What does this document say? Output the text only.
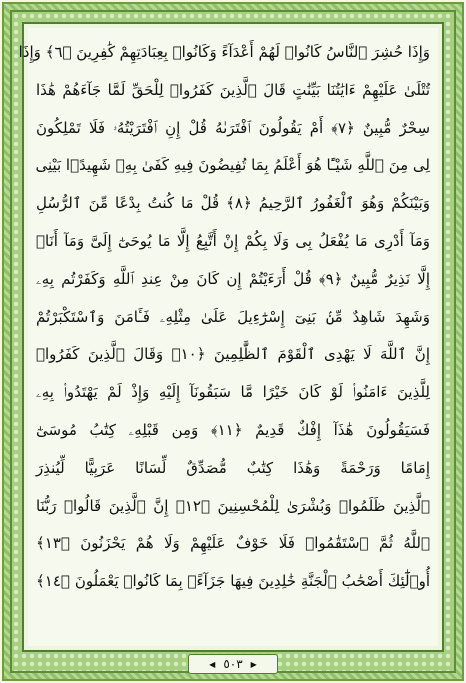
وَإِذَا حُشِرَ ٱلنَّاسُ كَانُوا۟ لَهُمْ أَعْدَآءً وَكَانُوا۟ بِعِبَادَتِهِمْ كَٰفِرِينَ ﴿٦﴾ وَإِذَا
تُتْلَىٰ عَلَيْهِمْ ءَايَٰتُنَا بَيِّنَٰتٍ قَالَ ٱلَّذِينَ كَفَرُوا۟ لِلْحَقِّ لَمَّا جَآءَهُمْ هَٰذَا
سِحْرٌ مُّبِينٌ ﴿٧﴾ أَمْ يَقُولُونَ ٱفْتَرَىٰهُ قُلْ إِنِ ٱفْتَرَيْتُهُۥ فَلَا تَمْلِكُونَ
لِى مِنَ ٱللَّهِ شَيْـًٔا هُوَ أَعْلَمُ بِمَا تُفِيضُونَ فِيهِ كَفَىٰ بِهِۦ شَهِيدًۢا بَيْنِى
وَبَيْنَكُمْ وَهُوَ ٱلْغَفُورُ ٱلرَّحِيمُ ﴿٨﴾ قُلْ مَا كُنتُ بِدْعًا مِّنَ ٱلرُّسُلِ
وَمَآ أَدْرِى مَا يُفْعَلُ بِى وَلَا بِكُمْ إِنْ أَتَّبِعُ إِلَّا مَا يُوحَىٰٓ إِلَىَّ وَمَآ أَنَا۠
إِلَّا نَذِيرٌ مُّبِينٌ ﴿٩﴾ قُلْ أَرَءَيْتُمْ إِن كَانَ مِنْ عِندِ ٱللَّهِ وَكَفَرْتُم بِهِۦ
وَشَهِدَ شَاهِدٌ مِّنۢ بَنِىٓ إِسْرَٰٓءِيلَ عَلَىٰ مِثْلِهِۦ فَـَٔامَنَ وَٱسْتَكْبَرْتُمْ
إِنَّ ٱللَّهَ لَا يَهْدِى ٱلْقَوْمَ ٱلظَّٰلِمِينَ ﴿١٠﴾ وَقَالَ ٱلَّذِينَ كَفَرُوا۟
لِلَّذِينَ ءَامَنُوا۟ لَوْ كَانَ خَيْرًا مَّا سَبَقُونَآ إِلَيْهِ وَإِذْ لَمْ يَهْتَدُوا۟ بِهِۦ
فَسَيَقُولُونَ هَٰذَآ إِفْكٌ قَدِيمٌ ﴿١١﴾ وَمِن قَبْلِهِۦ كِتَٰبُ مُوسَىٰٓ
إِمَامًا وَرَحْمَةً وَهَٰذَا كِتَٰبٌ مُّصَدِّقٌ لِّسَانًا عَرَبِيًّا لِّيُنذِرَ
ٱلَّذِينَ ظَلَمُوا۟ وَبُشْرَىٰ لِلْمُحْسِنِينَ ﴿١٢﴾ إِنَّ ٱلَّذِينَ قَالُوا۟ رَبُّنَا
ٱللَّهُ ثُمَّ ٱسْتَقَٰمُوا۟ فَلَا خَوْفٌ عَلَيْهِمْ وَلَا هُمْ يَحْزَنُونَ ﴿١٣﴾
أُو۟لَٰٓئِكَ أَصْحَٰبُ ٱلْجَنَّةِ خَٰلِدِينَ فِيهَا جَزَآءًۢ بِمَا كَانُوا۟ يَعْمَلُونَ ﴿١٤﴾
◀ ٥٠٣ ▶
